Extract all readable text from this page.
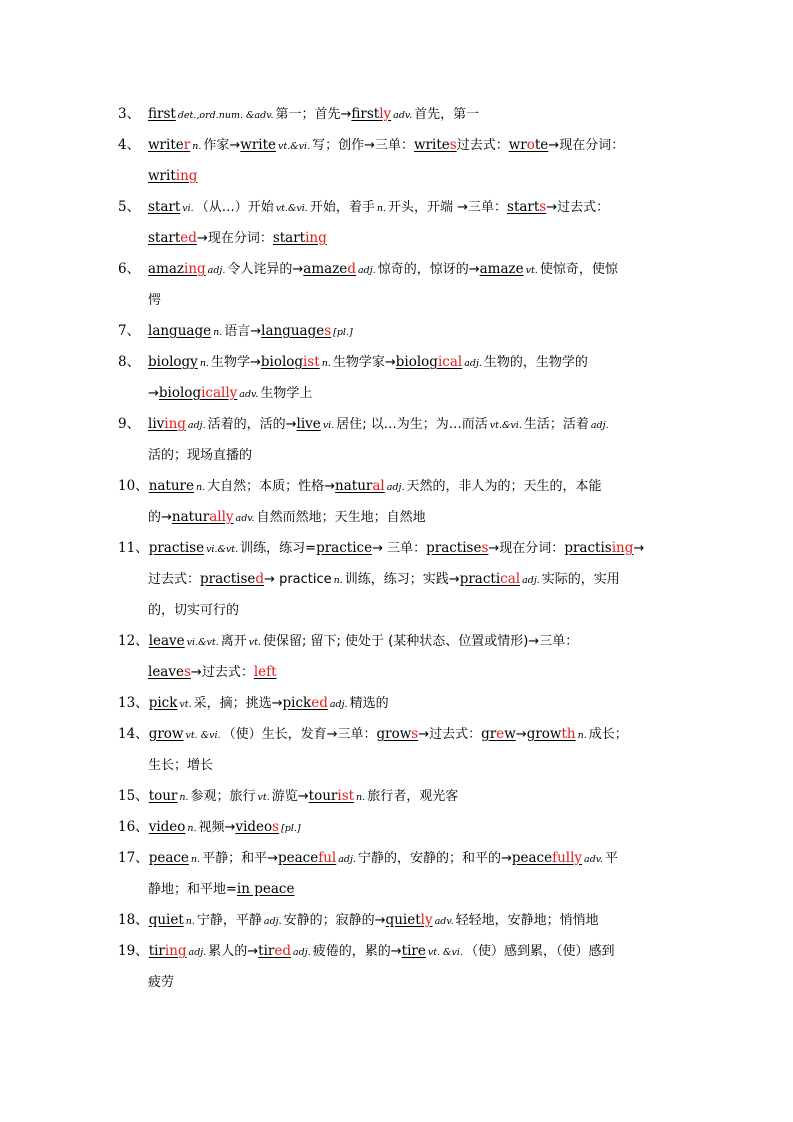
3、 first det.,ord.num. &adv. 第一；首先→firstly adv. 首先，第一
4、 writer n. 作家→write vt.&vi. 写；创作→三单：writes过去式：wrote→现在分词：
writing
5、 start vi. （从…）开始 vt.&vi. 开始，着手 n. 开头，开端 →三单：starts→过去式：
started→现在分词：starting
6、 amazing adj. 令人诧异的→amazed adj. 惊奇的，惊讶的→amaze vt. 使惊奇，使惊
愕
7、 language n. 语言→languages [pl.]
8、 biology n. 生物学→biologist n. 生物学家→biological adj. 生物的，生物学的
→biologically adv. 生物学上
9、 living adj. 活着的，活的→live vi. 居住; 以…为生；为…而活 vt.&vi. 生活；活着 adj.
活的；现场直播的
10、nature n. 大自然；本质；性格→natural adj. 天然的，非人为的；天生的，本能
的→naturally adv. 自然而然地；天生地；自然地
11、practise vi.&vt. 训练，练习=practice→ 三单：practises→现在分词：practising→
过去式：practised→ practice n. 训练，练习；实践→practical adj. 实际的，实用
的，切实可行的
12、leave vi.&vt. 离开 vt. 使保留; 留下; 使处于 (某种状态、位置或情形)→三单：
leaves→过去式：left
13、pick vt. 采，摘；挑选→picked adj. 精选的
14、grow vt. &vi. （使）生长，发育→三单：grows→过去式：grew→growth n. 成长；
生长；增长
15、tour n. 参观；旅行 vt. 游览→tourist n. 旅行者，观光客
16、video n. 视频→videos [pl.]
17、peace n. 平静；和平→peaceful adj. 宁静的，安静的；和平的→peacefully adv. 平
静地；和平地=in peace
18、quiet n. 宁静，平静 adj. 安静的；寂静的→quietly adv. 轻轻地，安静地；悄悄地
19、tiring adj. 累人的→tired adj. 疲倦的，累的→tire vt. &vi. （使）感到累，（使）感到
疲劳
